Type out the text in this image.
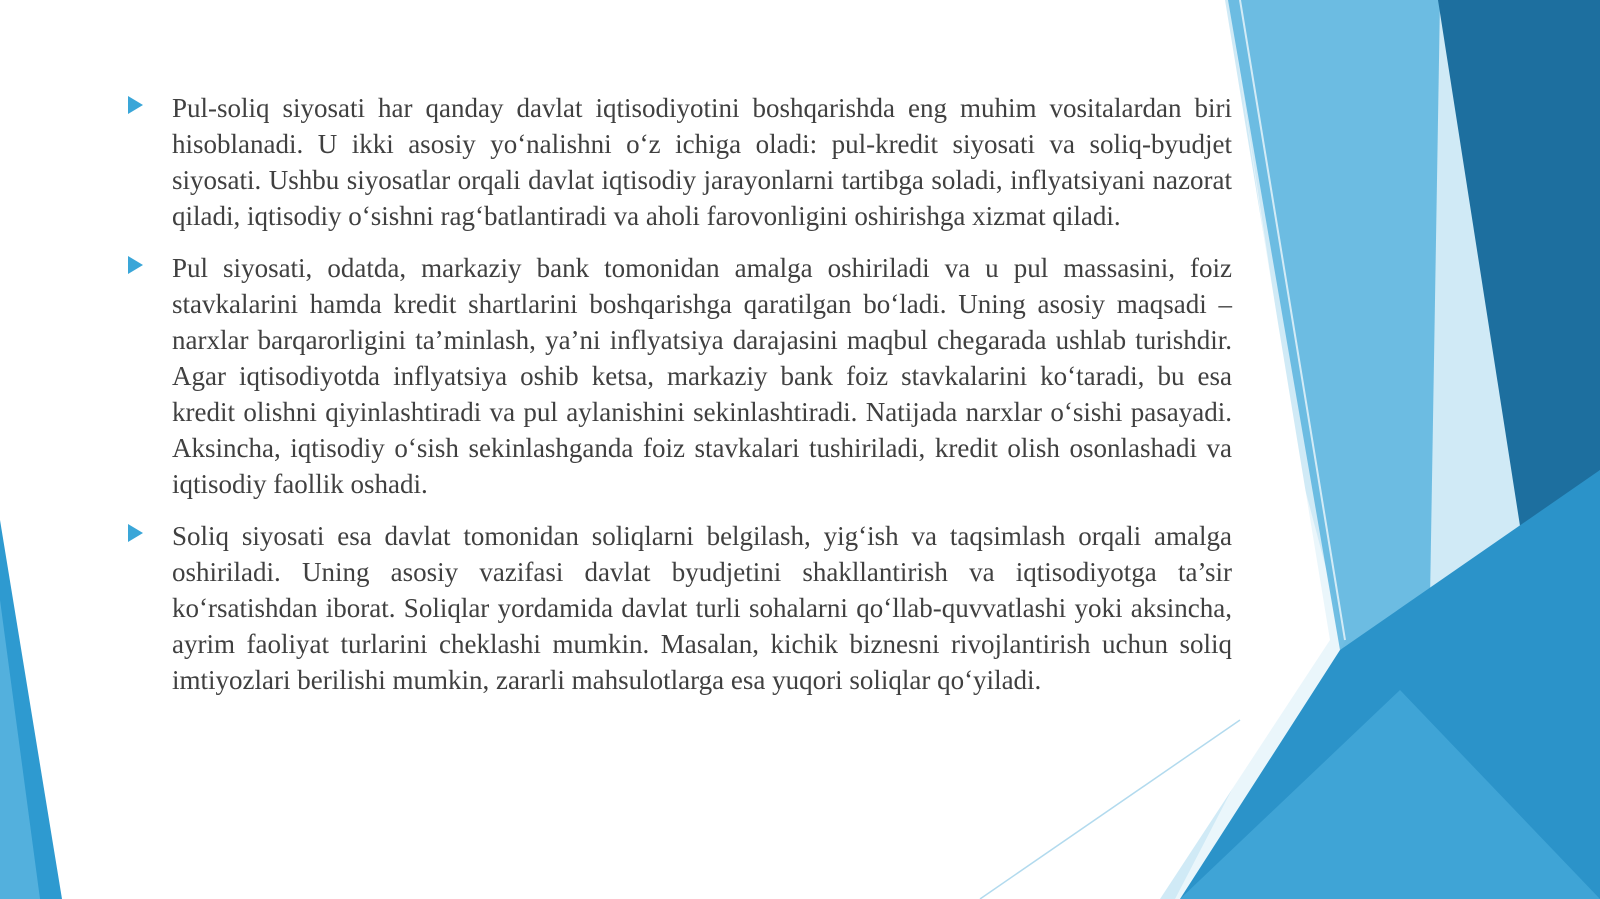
Pul-soliq siyosati har qanday davlat iqtisodiyotini boshqarishda eng muhim vositalardan biri hisoblanadi. U ikki asosiy yo‘nalishni o‘z ichiga oladi: pul-kredit siyosati va soliq-byudjet siyosati. Ushbu siyosatlar orqali davlat iqtisodiy jarayonlarni tartibga soladi, inflyatsiyani nazorat qiladi, iqtisodiy o‘sishni rag‘batlantiradi va aholi farovonligini oshirishga xizmat qiladi.
Pul siyosati, odatda, markaziy bank tomonidan amalga oshiriladi va u pul massasini, foiz stavkalarini hamda kredit shartlarini boshqarishga qaratilgan bo‘ladi. Uning asosiy maqsadi – narxlar barqarorligini ta’minlash, ya’ni inflyatsiya darajasini maqbul chegarada ushlab turishdir. Agar iqtisodiyotda inflyatsiya oshib ketsa, markaziy bank foiz stavkalarini ko‘taradi, bu esa kredit olishni qiyinlashtiradi va pul aylanishini sekinlashtiradi. Natijada narxlar o‘sishi pasayadi. Aksincha, iqtisodiy o‘sish sekinlashganda foiz stavkalari tushiriladi, kredit olish osonlashadi va iqtisodiy faollik oshadi.
Soliq siyosati esa davlat tomonidan soliqlarni belgilash, yig‘ish va taqsimlash orqali amalga oshiriladi. Uning asosiy vazifasi davlat byudjetini shakllantirish va iqtisodiyotga ta’sir ko‘rsatishdan iborat. Soliqlar yordamida davlat turli sohalarni qo‘llab-quvvatlashi yoki aksincha, ayrim faoliyat turlarini cheklashi mumkin. Masalan, kichik biznesni rivojlantirish uchun soliq imtiyozlari berilishi mumkin, zararli mahsulotlarga esa yuqori soliqlar qo‘yiladi.
